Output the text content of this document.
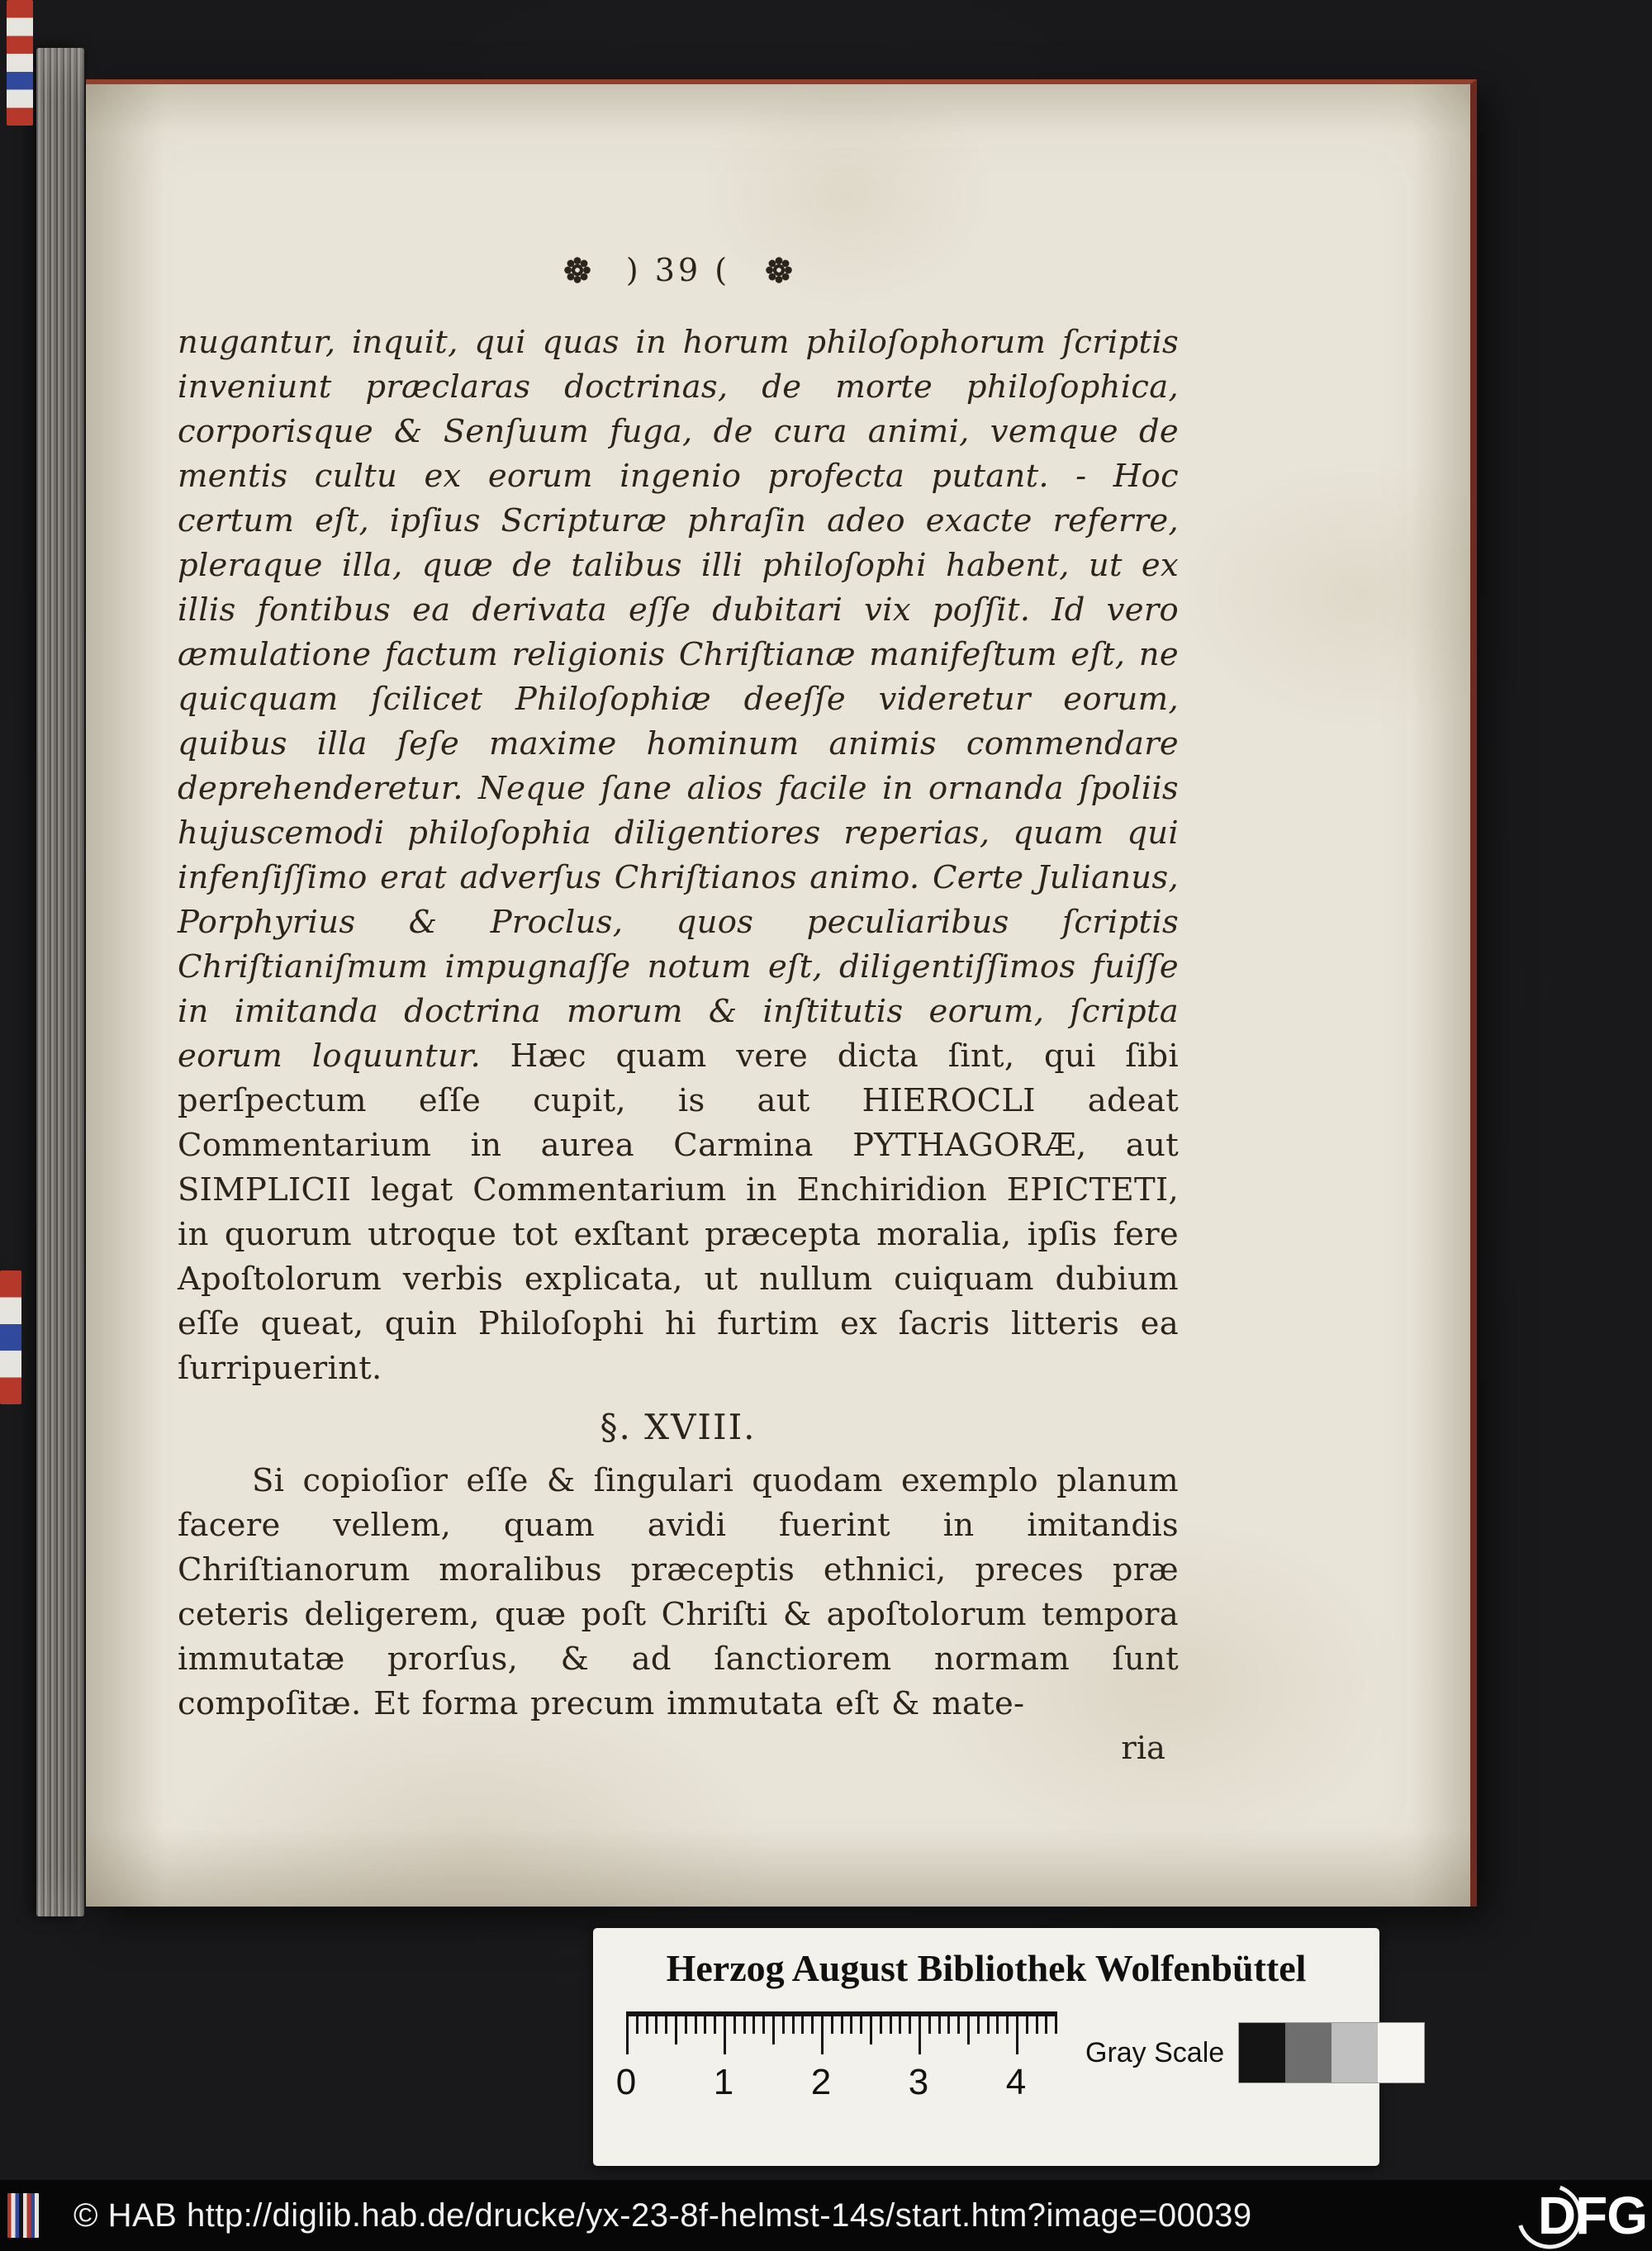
) 39 (

nugantur, inquit, qui quas in horum philoſophorum ſcriptis inveniunt præclaras doctrinas, de morte philoſophica, corporisque & Senſuum fuga, de cura animi, vemque de mentis cultu ex eorum ingenio profecta putant. - Hoc certum eſt, ipſius Scripturæ phraſin adeo exacte referre, pleraque illa, quæ de talibus illi philoſophi habent, ut ex illis fontibus ea derivata eſſe dubitari vix poſſit. Id vero æmulatione factum religionis Chriſtianæ manifeſtum eſt, ne quicquam ſcilicet Philoſophiæ deeſſe videretur eorum, quibus illa ſeſe maxime hominum animis commendare deprehenderetur. Neque ſane alios facile in ornanda ſpoliis hujuscemodi philoſophia diligentiores reperias, quam qui infenſiſſimo erat adverſus Chriſtianos animo. Certe Julianus, Porphyrius & Proclus, quos peculiaribus ſcriptis Chriſtianiſmum impugnaſſe notum eſt, diligentiſſimos fuiſſe in imitanda doctrina morum & inſtitutis eorum, ſcripta eorum loquuntur. Hæc quam vere dicta ſint, qui ſibi perſpectum eſſe cupit, is aut HIEROCLI adeat Commentarium in aurea Carmina PYTHAGORÆ, aut SIMPLICII legat Commentarium in Enchiridion EPICTETI, in quorum utroque tot exſtant præcepta moralia, ipſis fere Apoſtolorum verbis explicata, ut nullum cuiquam dubium eſſe queat, quin Philoſophi hi furtim ex ſacris litteris ea ſurripuerint.

§. XVIII.

Si copioſior eſſe & ſingulari quodam exemplo planum facere vellem, quam avidi fuerint in imitandis Chriſtianorum moralibus præceptis ethnici, preces præ ceteris deligerem, quæ poſt Chriſti & apoſtolorum tempora immutatæ prorſus, & ad ſanctiorem normam ſunt compoſitæ. Et forma precum immutata eſt & mate-

ria
Herzog August Bibliothek Wolfenbüttel
0 1 2 3 4
Gray Scale
© HAB http://diglib.hab.de/drucke/yx-23-8f-helmst-14s/start.htm?image=00039	DFG
